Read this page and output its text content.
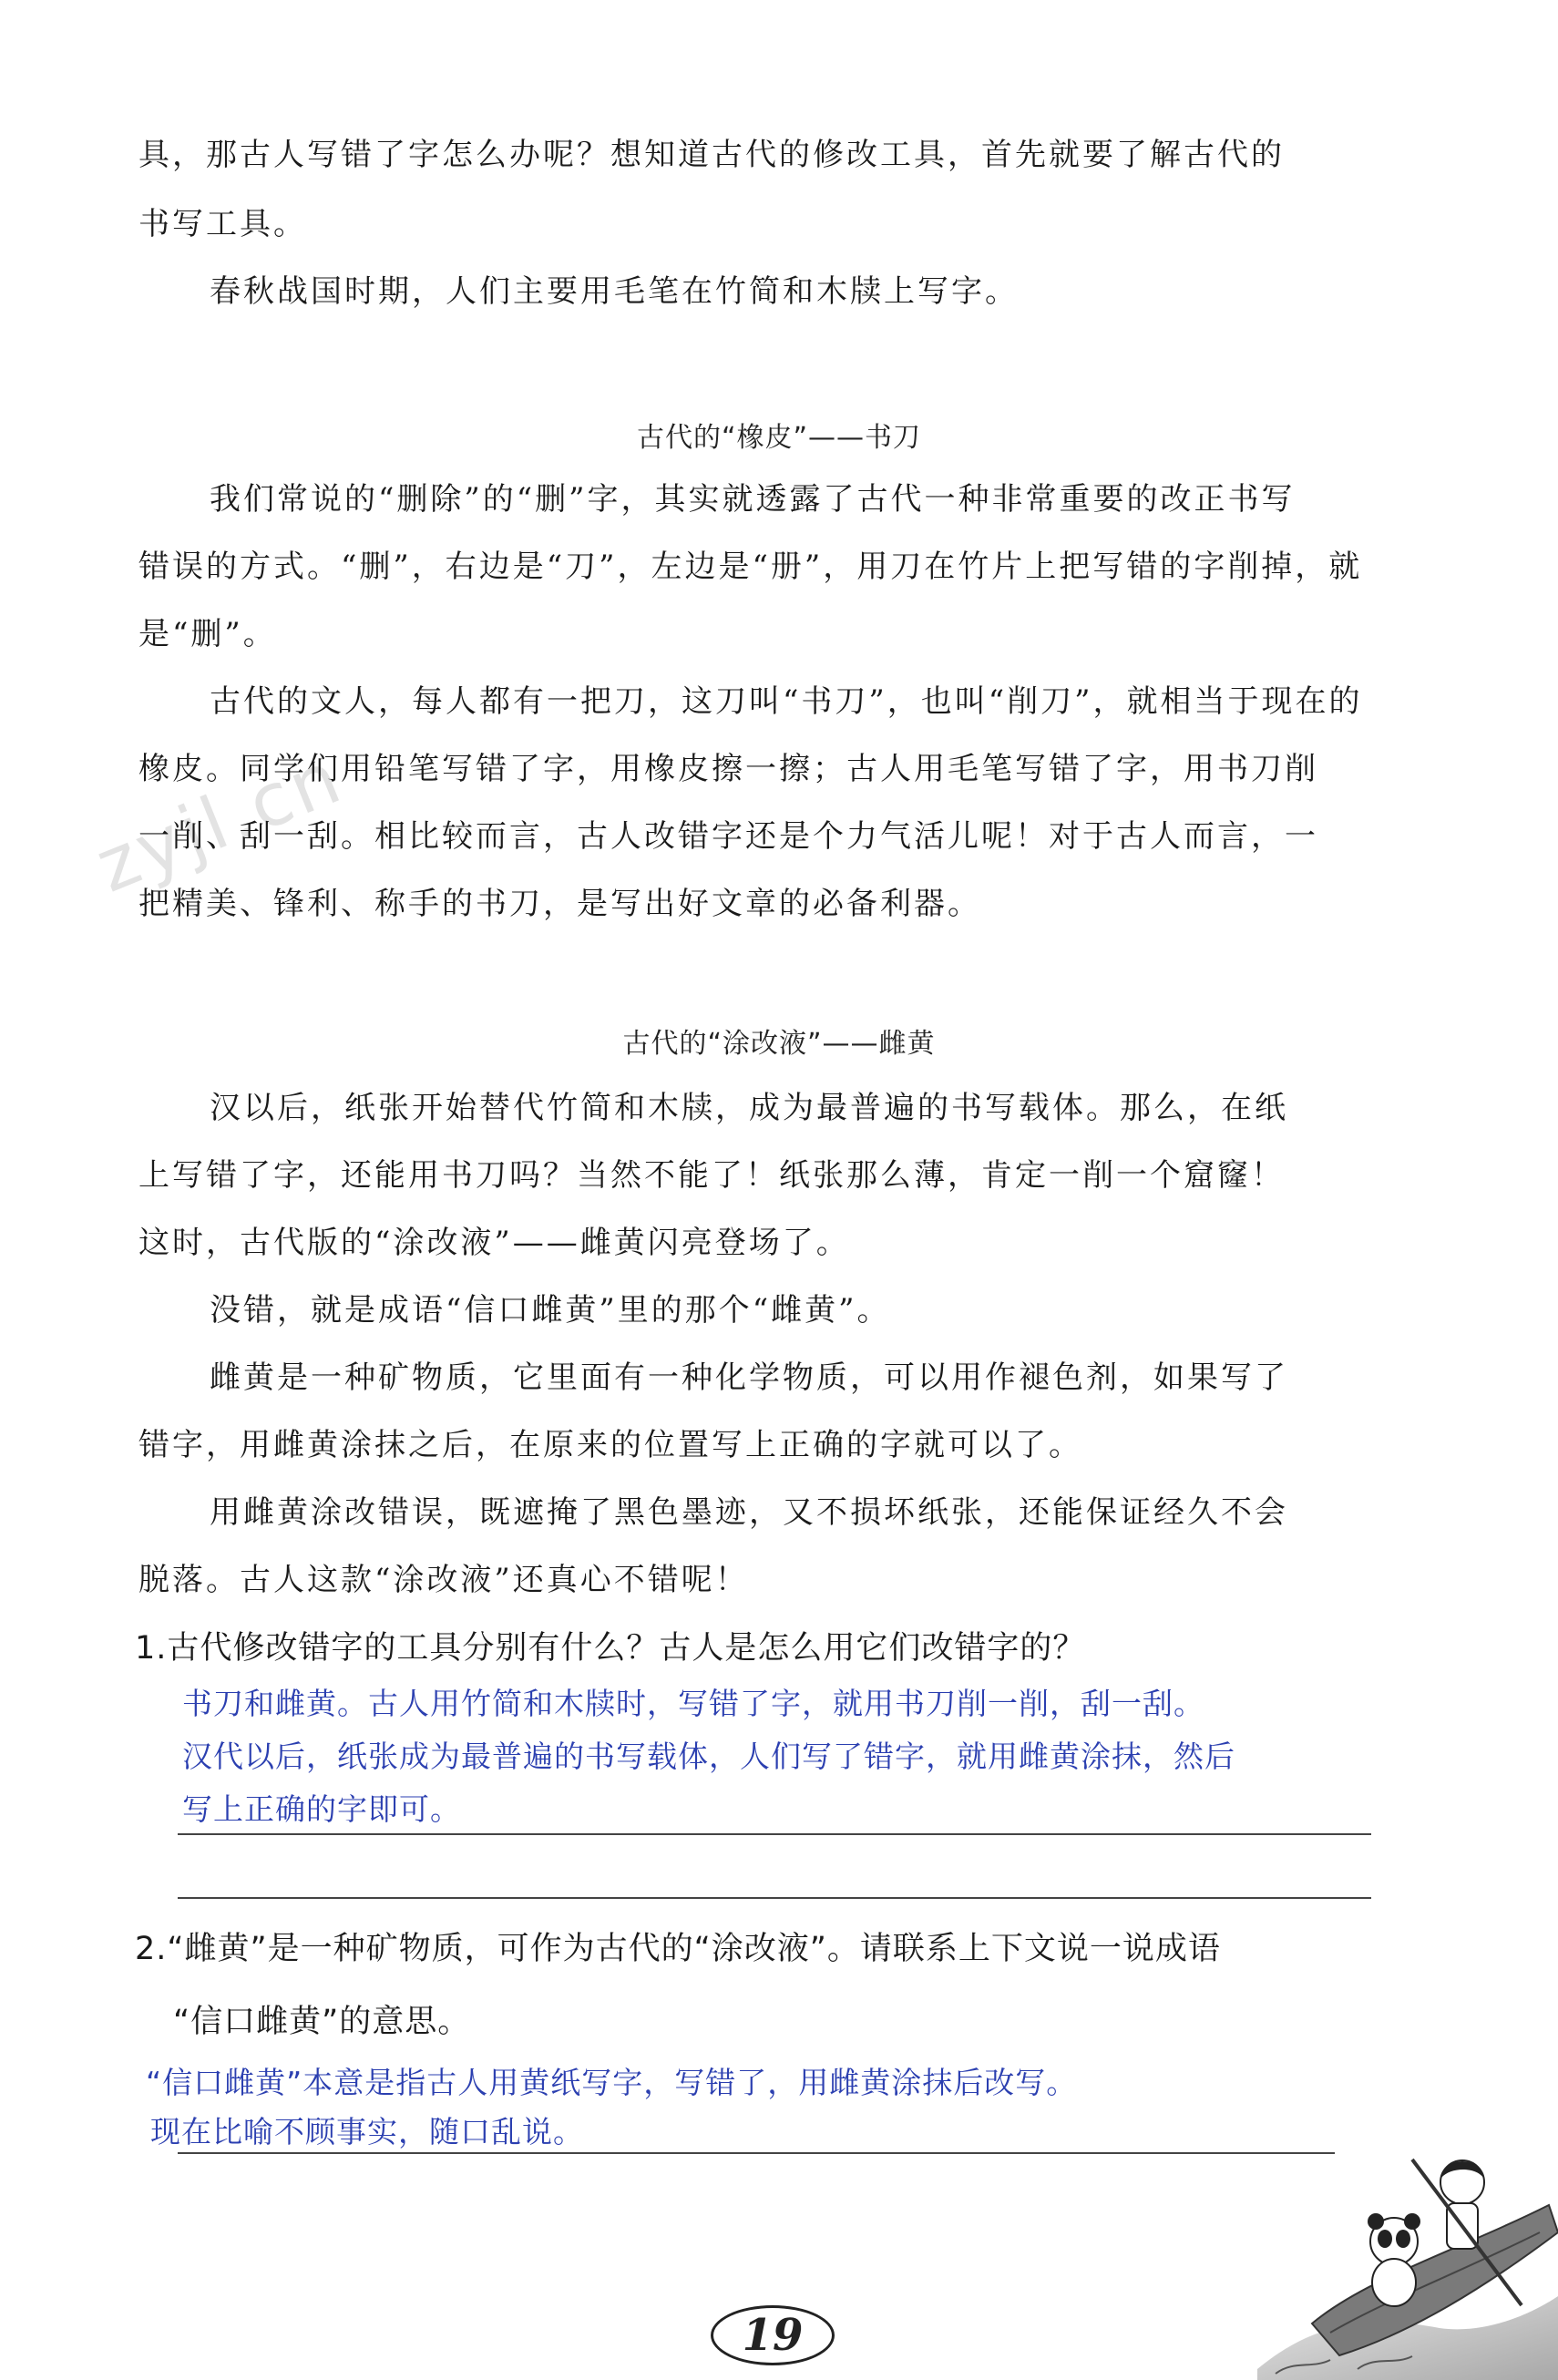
zyjl.cn
具，那古人写错了字怎么办呢？想知道古代的修改工具，首先就要了解古代的
书写工具。
春秋战国时期，人们主要用毛笔在竹简和木牍上写字。
古代的“橡皮”——书刀
我们常说的“删除”的“删”字，其实就透露了古代一种非常重要的改正书写
错误的方式。“删”，右边是“刀”，左边是“册”，用刀在竹片上把写错的字削掉，就
是“删”。
古代的文人，每人都有一把刀，这刀叫“书刀”，也叫“削刀”，就相当于现在的
橡皮。同学们用铅笔写错了字，用橡皮擦一擦；古人用毛笔写错了字，用书刀削
一削、刮一刮。相比较而言，古人改错字还是个力气活儿呢！对于古人而言，一
把精美、锋利、称手的书刀，是写出好文章的必备利器。
古代的“涂改液”——雌黄
汉以后，纸张开始替代竹简和木牍，成为最普遍的书写载体。那么，在纸
上写错了字，还能用书刀吗？当然不能了！纸张那么薄，肯定一削一个窟窿！
这时，古代版的“涂改液”——雌黄闪亮登场了。
没错，就是成语“信口雌黄”里的那个“雌黄”。
雌黄是一种矿物质，它里面有一种化学物质，可以用作褪色剂，如果写了
错字，用雌黄涂抹之后，在原来的位置写上正确的字就可以了。
用雌黄涂改错误，既遮掩了黑色墨迹，又不损坏纸张，还能保证经久不会
脱落。古人这款“涂改液”还真心不错呢！
1.古代修改错字的工具分别有什么？古人是怎么用它们改错字的？
书刀和雌黄。古人用竹简和木牍时，写错了字，就用书刀削一削，刮一刮。
汉代以后，纸张成为最普遍的书写载体，人们写了错字，就用雌黄涂抹，然后
写上正确的字即可。
2.“雌黄”是一种矿物质，可作为古代的“涂改液”。请联系上下文说一说成语
“信口雌黄”的意思。
“信口雌黄”本意是指古人用黄纸写字，写错了，用雌黄涂抹后改写。
现在比喻不顾事实，随口乱说。
19
